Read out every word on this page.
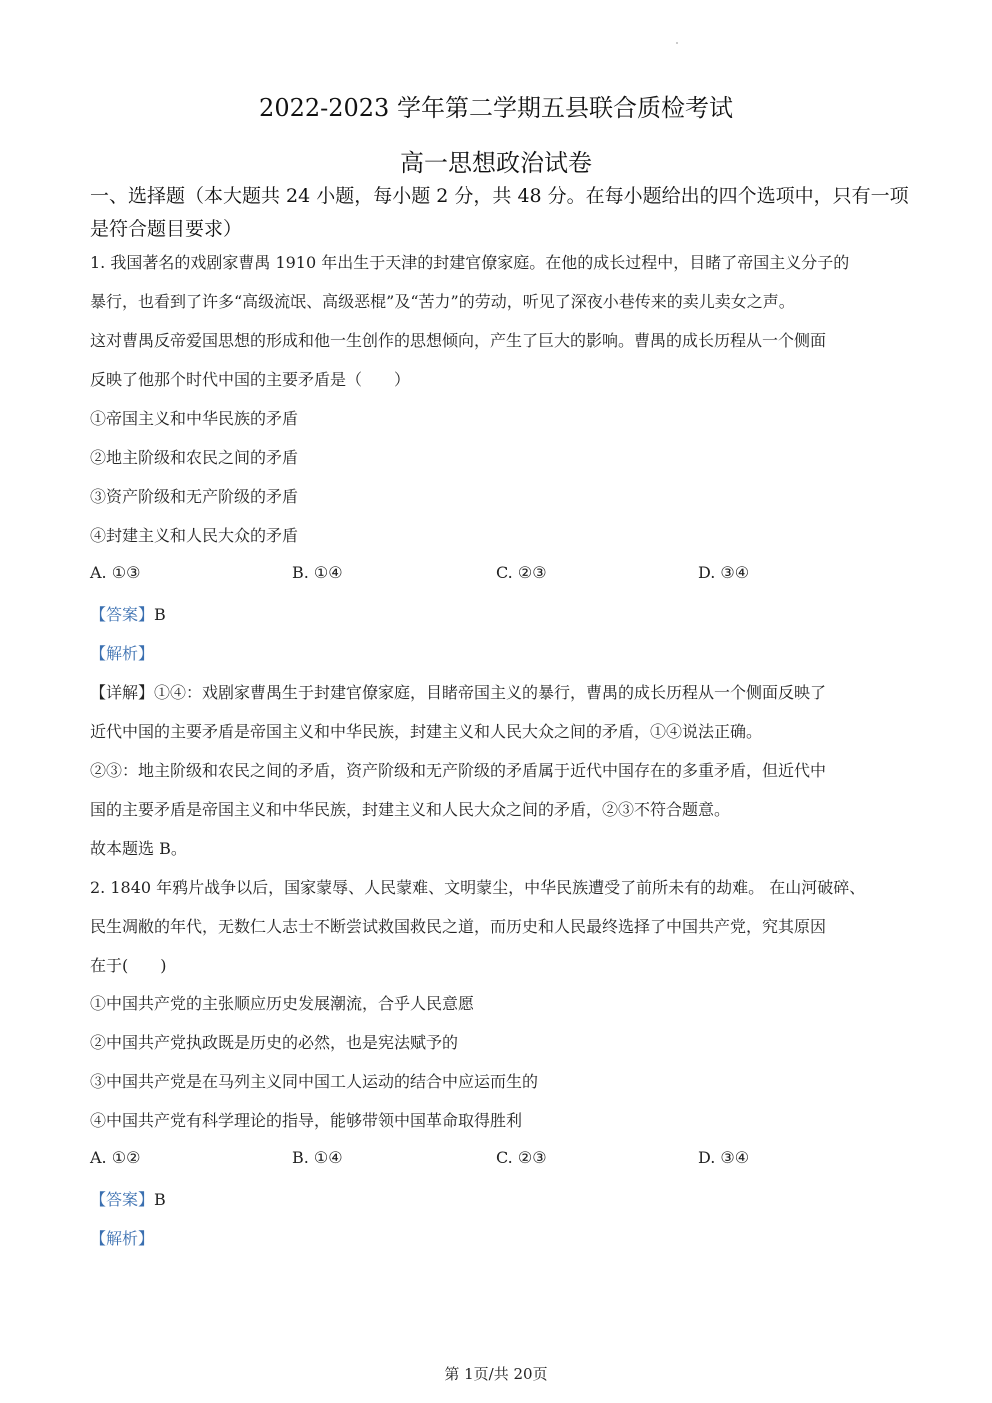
2022-2023 学年第二学期五县联合质检考试
高一思想政治试卷
一、选择题（本大题共 24 小题，每小题 2 分，共 48 分。在每小题给出的四个选项中，只有一项是符合题目要求）
1. 我国著名的戏剧家曹禺 1910 年出生于天津的封建官僚家庭。在他的成长过程中，目睹了帝国主义分子的
暴行，也看到了许多“高级流氓、高级恶棍”及“苦力”的劳动，听见了深夜小巷传来的卖儿卖女之声。
这对曹禺反帝爱国思想的形成和他一生创作的思想倾向，产生了巨大的影响。曹禺的成长历程从一个侧面
反映了他那个时代中国的主要矛盾是（　　）
①帝国主义和中华民族的矛盾
②地主阶级和农民之间的矛盾
③资产阶级和无产阶级的矛盾
④封建主义和人民大众的矛盾
A. ①③	B. ①④	C. ②③	D. ③④
【答案】B
【解析】
【详解】①④：戏剧家曹禺生于封建官僚家庭，目睹帝国主义的暴行，曹禺的成长历程从一个侧面反映了
近代中国的主要矛盾是帝国主义和中华民族，封建主义和人民大众之间的矛盾，①④说法正确。
②③：地主阶级和农民之间的矛盾，资产阶级和无产阶级的矛盾属于近代中国存在的多重矛盾，但近代中
国的主要矛盾是帝国主义和中华民族，封建主义和人民大众之间的矛盾，②③不符合题意。
故本题选 B。
2. 1840 年鸦片战争以后，国家蒙辱、人民蒙难、文明蒙尘，中华民族遭受了前所未有的劫难。 在山河破碎、
民生凋敝的年代，无数仁人志士不断尝试救国救民之道，而历史和人民最终选择了中国共产党，究其原因
在于(　　)
①中国共产党的主张顺应历史发展潮流，合乎人民意愿
②中国共产党执政既是历史的必然，也是宪法赋予的
③中国共产党是在马列主义同中国工人运动的结合中应运而生的
④中国共产党有科学理论的指导，能够带领中国革命取得胜利
A. ①②	B. ①④	C. ②③	D. ③④
【答案】B
【解析】
第 1页/共 20页
